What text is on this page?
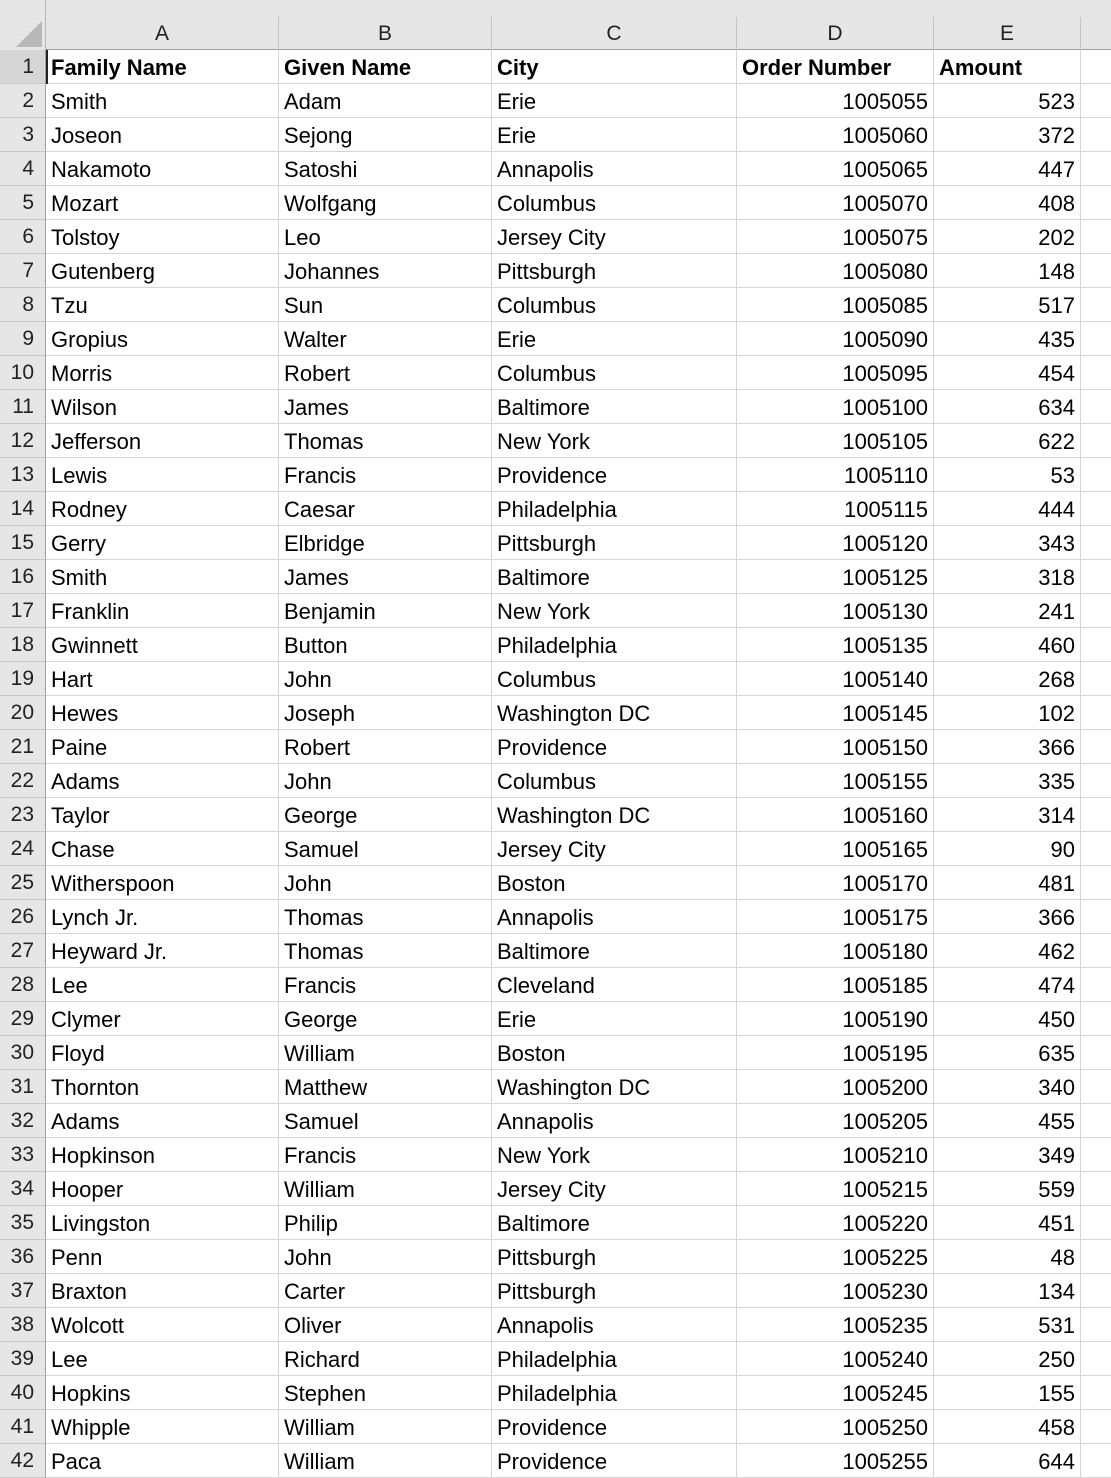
A	B	C	D	E
1 Family Name	Given Name	City	Order Number	Amount
2 Smith	Adam	Erie	1005055	523
3 Joseon	Sejong	Erie	1005060	372
4 Nakamoto	Satoshi	Annapolis	1005065	447
5 Mozart	Wolfgang	Columbus	1005070	408
6 Tolstoy	Leo	Jersey City	1005075	202
7 Gutenberg	Johannes	Pittsburgh	1005080	148
8 Tzu	Sun	Columbus	1005085	517
9 Gropius	Walter	Erie	1005090	435
10 Morris	Robert	Columbus	1005095	454
11 Wilson	James	Baltimore	1005100	634
12 Jefferson	Thomas	New York	1005105	622
13 Lewis	Francis	Providence	1005110	53
14 Rodney	Caesar	Philadelphia	1005115	444
15 Gerry	Elbridge	Pittsburgh	1005120	343
16 Smith	James	Baltimore	1005125	318
17 Franklin	Benjamin	New York	1005130	241
18 Gwinnett	Button	Philadelphia	1005135	460
19 Hart	John	Columbus	1005140	268
20 Hewes	Joseph	Washington DC	1005145	102
21 Paine	Robert	Providence	1005150	366
22 Adams	John	Columbus	1005155	335
23 Taylor	George	Washington DC	1005160	314
24 Chase	Samuel	Jersey City	1005165	90
25 Witherspoon	John	Boston	1005170	481
26 Lynch Jr.	Thomas	Annapolis	1005175	366
27 Heyward Jr.	Thomas	Baltimore	1005180	462
28 Lee	Francis	Cleveland	1005185	474
29 Clymer	George	Erie	1005190	450
30 Floyd	William	Boston	1005195	635
31 Thornton	Matthew	Washington DC	1005200	340
32 Adams	Samuel	Annapolis	1005205	455
33 Hopkinson	Francis	New York	1005210	349
34 Hooper	William	Jersey City	1005215	559
35 Livingston	Philip	Baltimore	1005220	451
36 Penn	John	Pittsburgh	1005225	48
37 Braxton	Carter	Pittsburgh	1005230	134
38 Wolcott	Oliver	Annapolis	1005235	531
39 Lee	Richard	Philadelphia	1005240	250
40 Hopkins	Stephen	Philadelphia	1005245	155
41 Whipple	William	Providence	1005250	458
42 Paca	William	Providence	1005255	644
